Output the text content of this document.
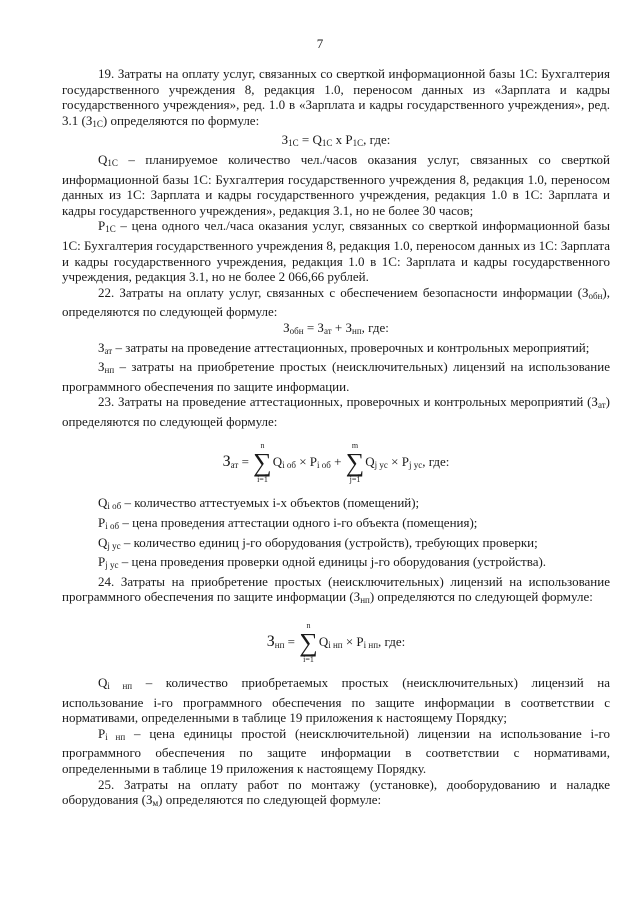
7

19. Затраты на оплату услуг, связанных со сверткой информационной базы 1С: Бухгалтерия государственного учреждения 8, редакция 1.0, переносом данных из «Зарплата и кадры государственного учреждения», ред. 1.0 в «Зарплата и кадры государственного учреждения», ред. 3.1 $(З_{1С})$ определяются по формуле:

$З_{1С} = Q_{1С}$ x $P_{1С}$, где:

$Q_{1С}$ – планируемое количество чел./часов оказания услуг, связанных со сверткой информационной базы 1С: Бухгалтерия государственного учреждения 8, редакция 1.0, переносом данных из 1С: Зарплата и кадры государственного учреждения, редакция 1.0 в 1С: Зарплата и кадры государственного учреждения», редакция 3.1, но не более 30 часов;

$P_{1С}$ – цена одного чел./часа оказания услуг, связанных со сверткой информационной базы 1С: Бухгалтерия государственного учреждения 8, редакция 1.0, переносом данных из 1С: Зарплата и кадры государственного учреждения, редакция 1.0 в 1С: Зарплата и кадры государственного учреждения, редакция 3.1, но не более 2 066,66 рублей.

22. Затраты на оплату услуг, связанных с обеспечением безопасности информации $(З_{обн})$, определяются по следующей формуле:

$З_{обн} = З_{ат} + З_{нп}$, где:

$З_{ат}$ – затраты на проведение аттестационных, проверочных и контрольных мероприятий;

$З_{нп}$ – затраты на приобретение простых (неисключительных) лицензий на использование программного обеспечения по защите информации.

23. Затраты на проведение аттестационных, проверочных и контрольных мероприятий $(З_{ат})$ определяются по следующей формуле:

$З_{ат}$ =
n
∑
i=1
$Q_{i об} \times P_{i об}$ +
m
∑
j=1
$Q_{j ус} \times P_{j ус}$, где:

$Q_{i об}$ – количество аттестуемых i-х объектов (помещений);

$P_{i об}$ – цена проведения аттестации одного i-го объекта (помещения);

$Q_{j ус}$ – количество единиц j-го оборудования (устройств), требующих проверки;

$P_{j ус}$ – цена проведения проверки одной единицы j-го оборудования (устройства).

24. Затраты на приобретение простых (неисключительных) лицензий на использование программного обеспечения по защите информации $(З_{нп})$ определяются по следующей формуле:

$З_{нп}$ =
n
∑
i=1
$Q_{i нп} \times P_{i нп}$, где:

$Q_{i нп}$ – количество приобретаемых простых (неисключительных) лицензий на использование i-го программного обеспечения по защите информации в соответствии с нормативами, определенными в таблице 19 приложения к настоящему Порядку;

$P_{i нп}$ – цена единицы простой (неисключительной) лицензии на использование i-го программного обеспечения по защите информации в соответствии с нормативами, определенными в таблице 19 приложения к настоящему Порядку.

25. Затраты на оплату работ по монтажу (установке), дооборудованию и наладке оборудования $(З_м)$ определяются по следующей формуле:
